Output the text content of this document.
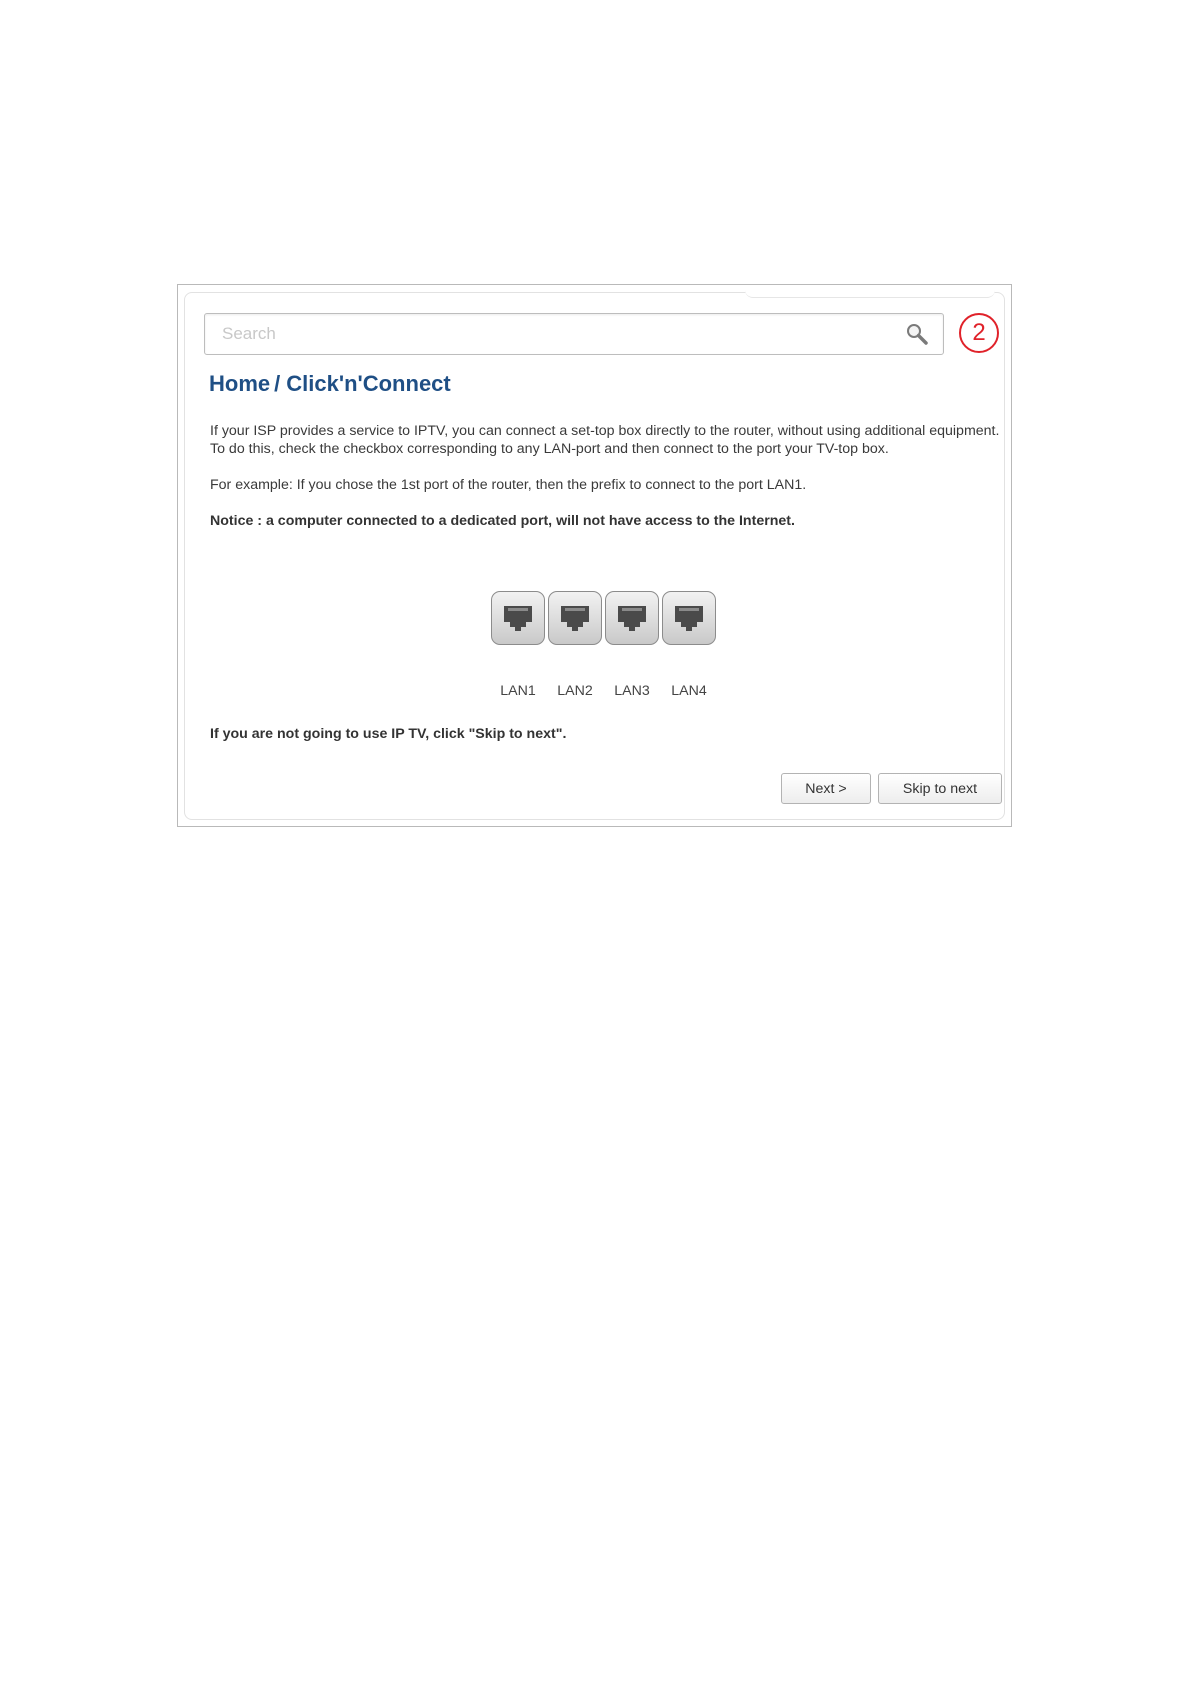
Search
2
Home / Click'n'Connect
If your ISP provides a service to IPTV, you can connect a set-top box directly to the router, without using additional equipment. To do this, check the checkbox corresponding to any LAN-port and then connect to the port your TV-top box.
For example: If you chose the 1st port of the router, then the prefix to connect to the port LAN1.
Notice : a computer connected to a dedicated port, will not have access to the Internet.
LAN1	LAN2	LAN3	LAN4
If you are not going to use IP TV, click "Skip to next".
Next >	Skip to next
